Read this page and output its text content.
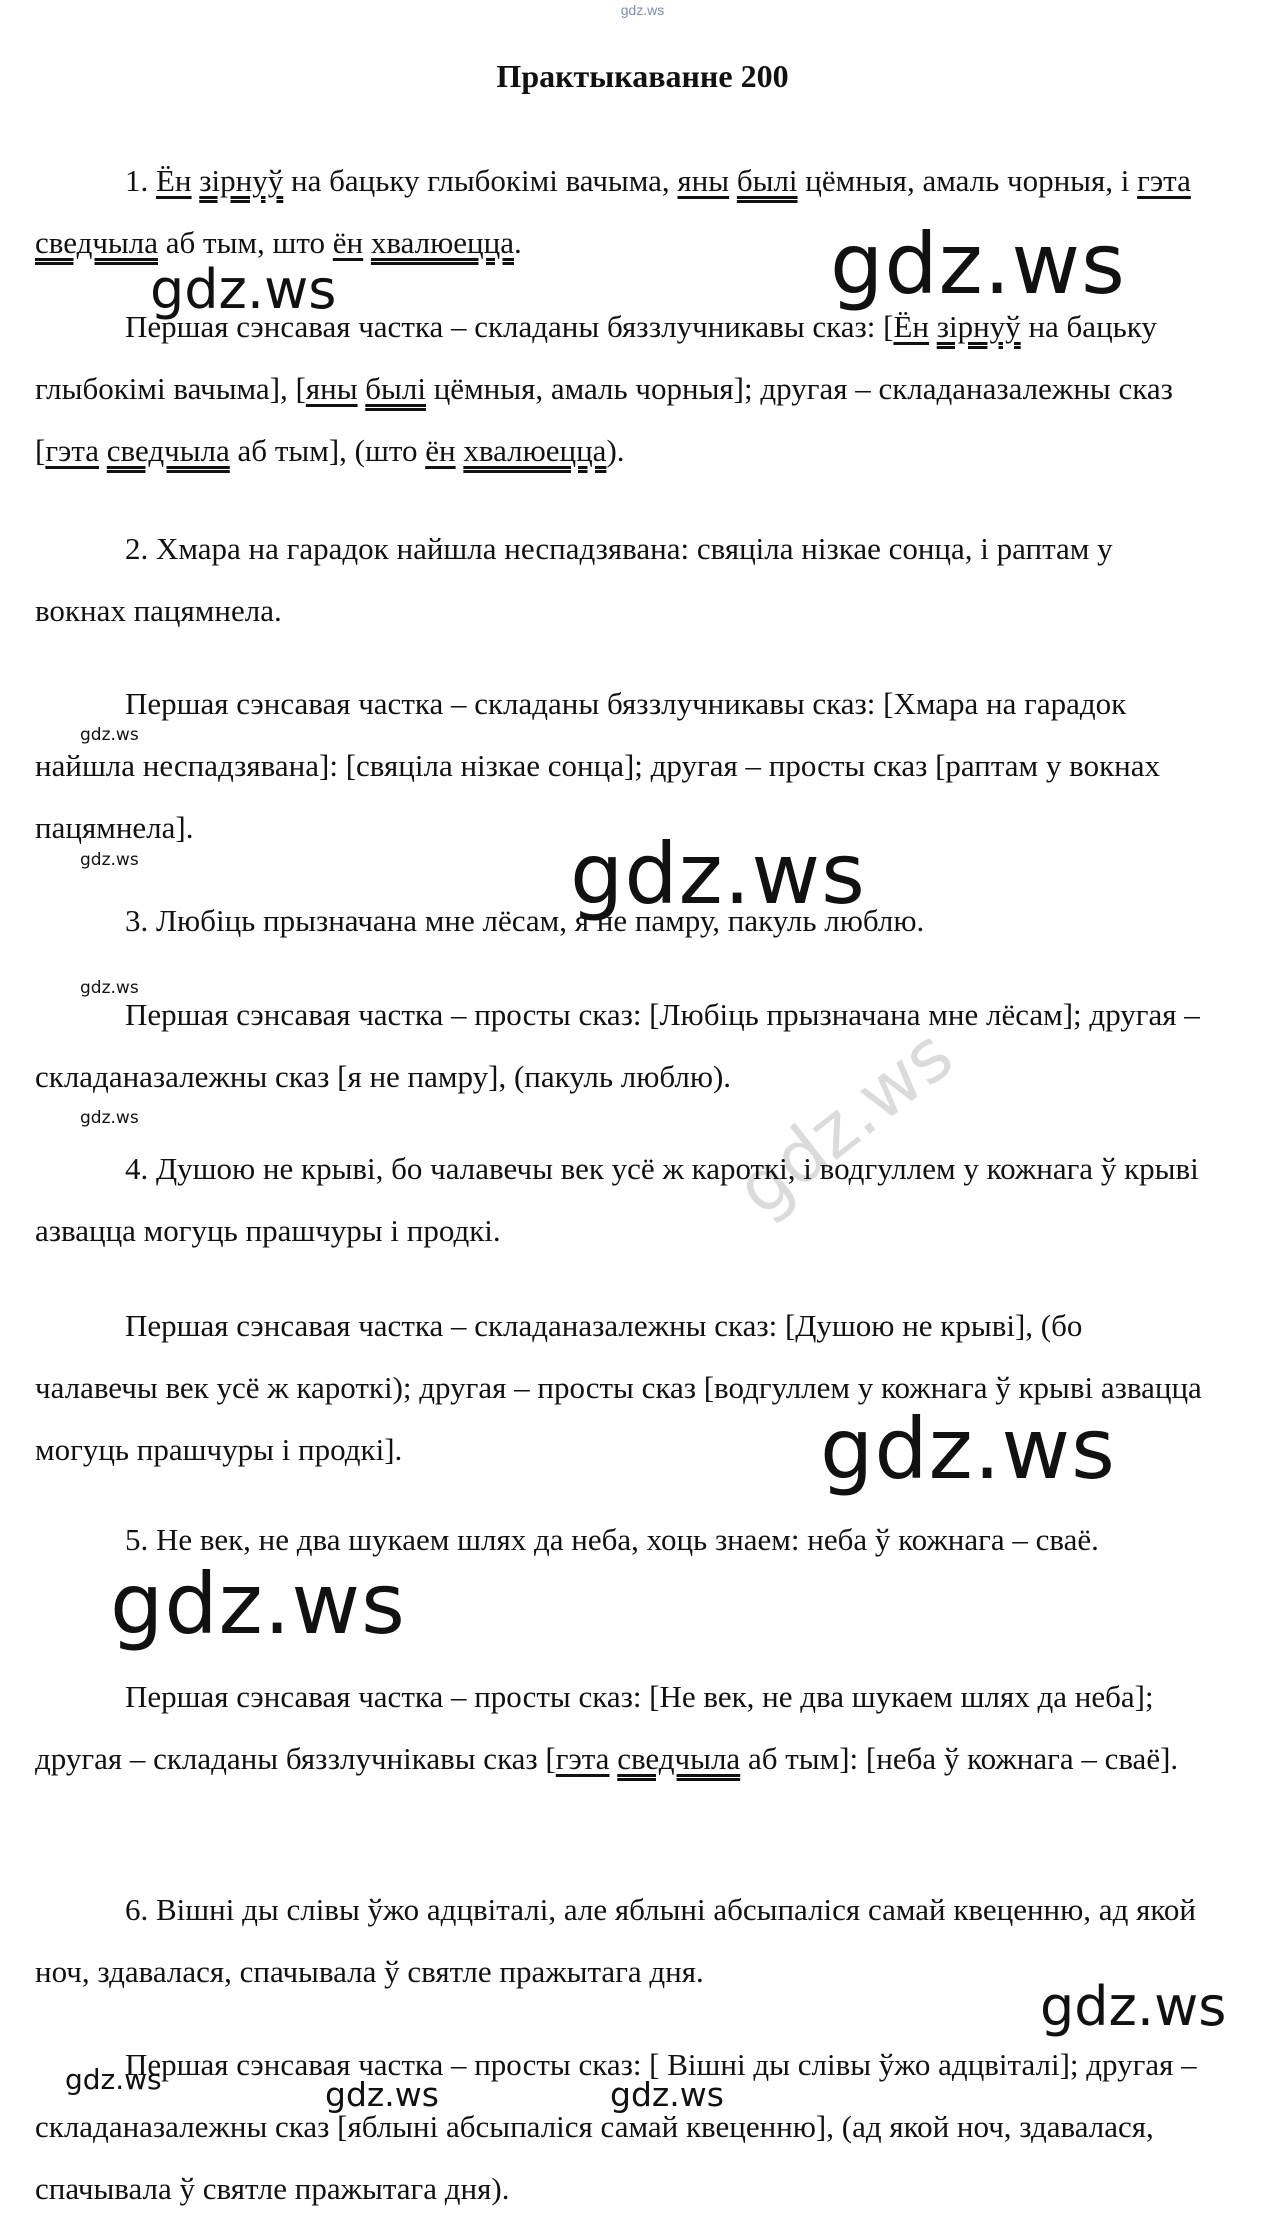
gdz.ws
Практыкаванне 200

1. Ён зірнуў на бацьку глыбокімі вачыма, яны былі цёмныя, амаль чорныя, і гэта сведчыла аб тым, што ён хвалюецца.

Першая сэнсавая частка – складаны бяззлучникавы сказ: [Ён зірнуў на бацьку глыбокімі вачыма], [яны былі цёмныя, амаль чорныя]; другая – складаназалежны сказ [гэта сведчыла аб тым], (што ён хвалюецца).

2. Хмара на гарадок найшла неспадзявана: свяціла нізкае сонца, і раптам у вокнах пацямнела.

Першая сэнсавая частка – складаны бяззлучникавы сказ: [Хмара на гарадок найшла неспадзявана]: [свяціла нізкае сонца]; другая – просты сказ [раптам у вокнах пацямнела].

3. Любіць прызначана мне лёсам, я не памру, пакуль люблю.

Першая сэнсавая частка – просты сказ: [Любіць прызначана мне лёсам]; другая – складаназалежны сказ [я не памру], (пакуль люблю).

4. Душою не крыві, бо чалавечы век усё ж кароткі, і водгуллем у кожнага ў крыві азвацца могуць прашчуры і продкі.

Першая сэнсавая частка – складаназалежны сказ: [Душою не крыві], (бо чалавечы век усё ж кароткі); другая – просты сказ [водгуллем у кожнага ў крыві азвацца могуць прашчуры і продкі].

5. Не век, не два шукаем шлях да неба, хоць знаем: неба ў кожнага – сваё.

Першая сэнсавая частка – просты сказ: [Не век, не два шукаем шлях да неба]; другая – складаны бяззлучнікавы сказ [гэта сведчыла аб тым]: [неба ў кожнага – сваё].

6. Вішні ды слівы ўжо адцвіталі, але яблыні абсыпаліся самай квеценню, ад якой ноч, здавалася, спачывала ў святле пражытага дня.

Першая сэнсавая частка – просты сказ: [ Вішні ды слівы ўжо адцвіталі]; другая – складаназалежны сказ [яблыні абсыпаліся самай квеценню], (ад якой ноч, здавалася, спачывала ў святле пражытага дня).

gdz.ws
gdz.ws
gdz.ws
gdz.ws	gdz.ws
gdz.ws
gdz.ws	gdz.ws
gdz.ws
gdz.ws
gdz.ws
gdz.ws	gdz.ws	gdz.ws
